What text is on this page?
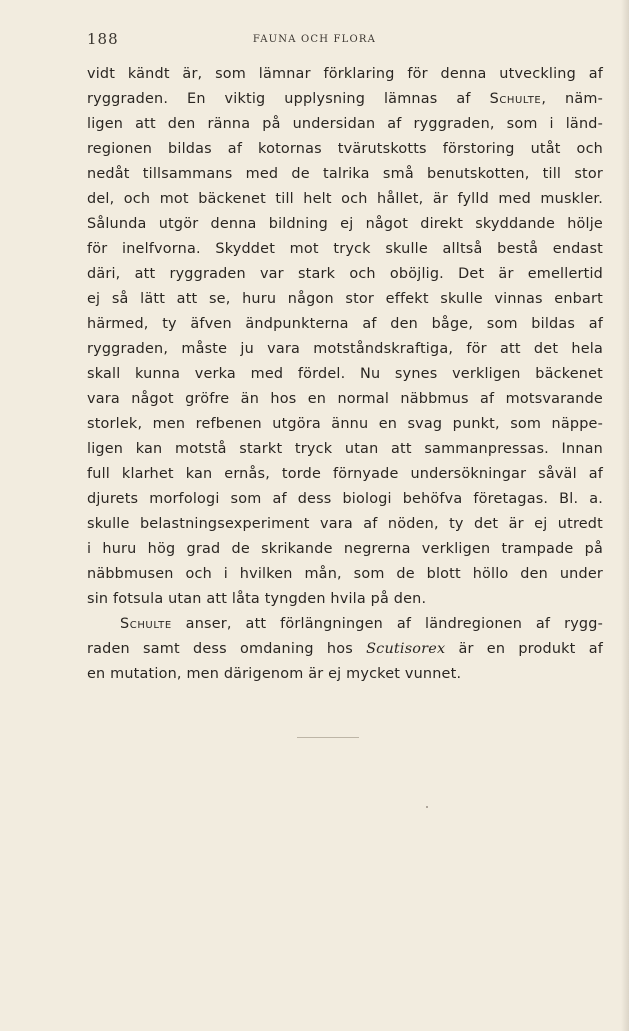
188	FAUNA OCH FLORA
vidt kändt är, som lämnar förklaring för denna utveckling af
ryggraden. En viktig upplysning lämnas af Schulte, näm-
ligen att den ränna på undersidan af ryggraden, som i länd-
regionen bildas af kotornas tvärutskotts förstoring utåt och
nedåt tillsammans med de talrika små benutskotten, till stor
del, och mot bäckenet till helt och hållet, är fylld med muskler.
Sålunda utgör denna bildning ej något direkt skyddande hölje
för inelfvorna. Skyddet mot tryck skulle alltså bestå endast
däri, att ryggraden var stark och oböjlig. Det är emellertid
ej så lätt att se, huru någon stor effekt skulle vinnas enbart
härmed, ty äfven ändpunkterna af den båge, som bildas af
ryggraden, måste ju vara motståndskraftiga, för att det hela
skall kunna verka med fördel. Nu synes verkligen bäckenet
vara något gröfre än hos en normal näbbmus af motsvarande
storlek, men refbenen utgöra ännu en svag punkt, som näppe-
ligen kan motstå starkt tryck utan att sammanpressas. Innan
full klarhet kan ernås, torde förnyade undersökningar såväl af
djurets morfologi som af dess biologi behöfva företagas. Bl. a.
skulle belastningsexperiment vara af nöden, ty det är ej utredt
i huru hög grad de skrikande negrerna verkligen trampade på
näbbmusen och i hvilken mån, som de blott höllo den under
sin fotsula utan att låta tyngden hvila på den.
Schulte anser, att förlängningen af ländregionen af rygg-
raden samt dess omdaning hos Scutisorex är en produkt af
en mutation, men därigenom är ej mycket vunnet.
